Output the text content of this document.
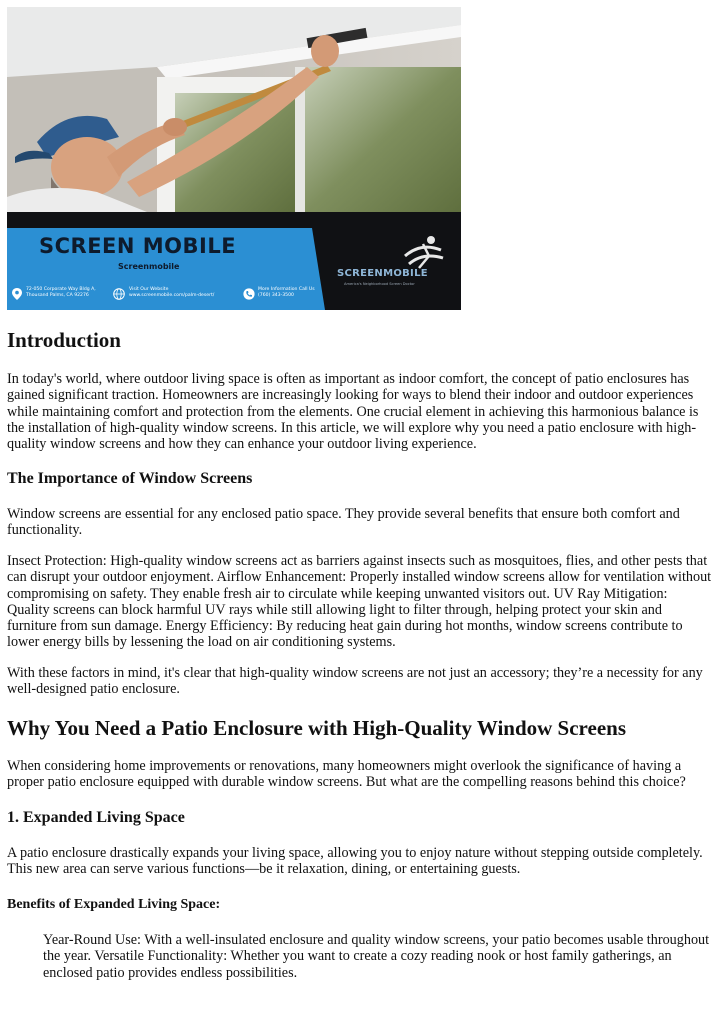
SCREEN MOBILE
Screenmobile
72-050 Corporate Way Bldg A,
Thousand Palms, CA 92276
Visit Our Website
www.screenmobile.com/palm-desert/
More Information Call Us
(760) 343-3500
SCREENMOBILE
America's Neighborhood Screen Doctor
Introduction

In today's world, where outdoor living space is often as important as indoor comfort, the concept of patio enclosures has gained significant traction. Homeowners are increasingly looking for ways to blend their indoor and outdoor experiences while maintaining comfort and protection from the elements. One crucial element in achieving this harmonious balance is the installation of high-quality window screens. In this article, we will explore why you need a patio enclosure with high-quality window screens and how they can enhance your outdoor living experience.

The Importance of Window Screens

Window screens are essential for any enclosed patio space. They provide several benefits that ensure both comfort and functionality.

Insect Protection: High-quality window screens act as barriers against insects such as mosquitoes, flies, and other pests that can disrupt your outdoor enjoyment. Airflow Enhancement: Properly installed window screens allow for ventilation without compromising on safety. They enable fresh air to circulate while keeping unwanted visitors out. UV Ray Mitigation: Quality screens can block harmful UV rays while still allowing light to filter through, helping protect your skin and furniture from sun damage. Energy Efficiency: By reducing heat gain during hot months, window screens contribute to lower energy bills by lessening the load on air conditioning systems.

With these factors in mind, it's clear that high-quality window screens are not just an accessory; they’re a necessity for any well-designed patio enclosure.

Why You Need a Patio Enclosure with High-Quality Window Screens

When considering home improvements or renovations, many homeowners might overlook the significance of having a proper patio enclosure equipped with durable window screens. But what are the compelling reasons behind this choice?

1. Expanded Living Space

A patio enclosure drastically expands your living space, allowing you to enjoy nature without stepping outside completely. This new area can serve various functions—be it relaxation, dining, or entertaining guests.

Benefits of Expanded Living Space:

Year-Round Use: With a well-insulated enclosure and quality window screens, your patio becomes usable throughout the year. Versatile Functionality: Whether you want to create a cozy reading nook or host family gatherings, an enclosed patio provides endless possibilities.
